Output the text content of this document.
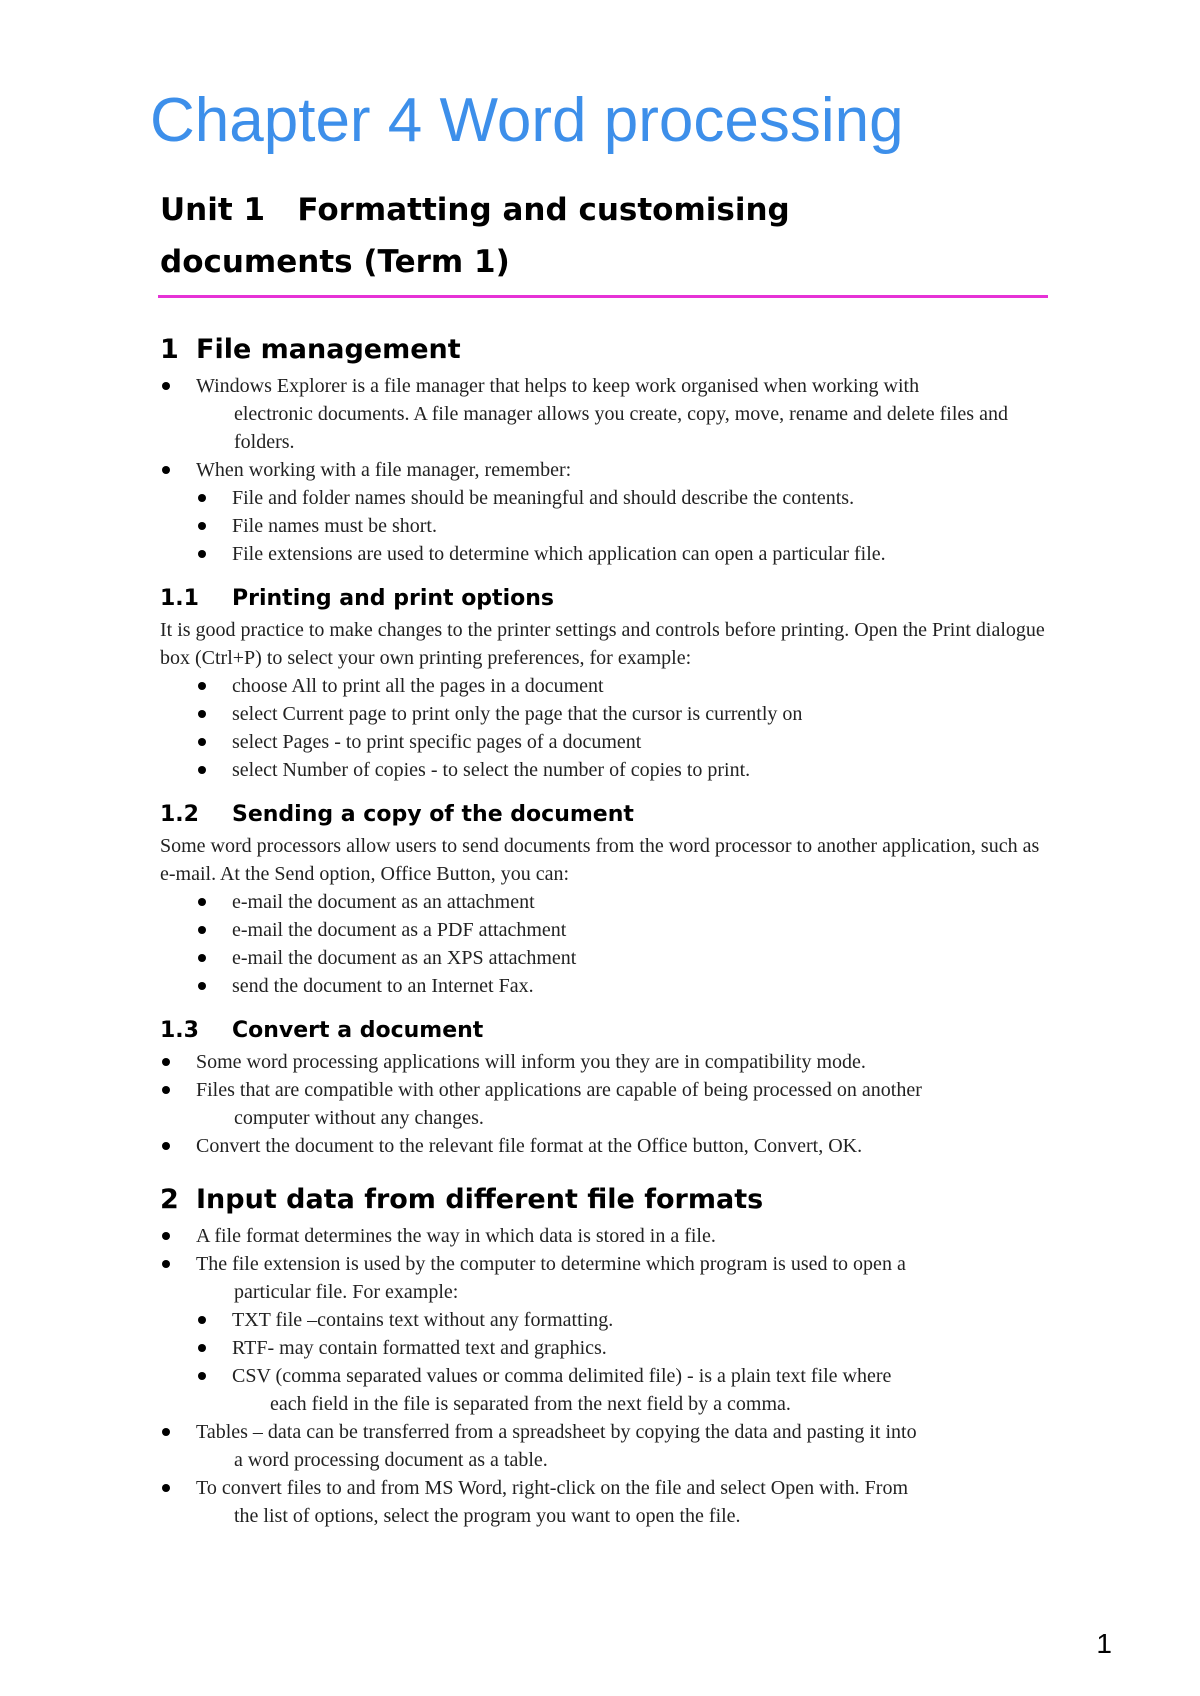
Chapter 4 Word processing
Unit 1   Formatting and customising
documents (Term 1)
1 File management
Windows Explorer is a file manager that helps to keep work organised when working with
electronic documents. A file manager allows you create, copy, move, rename and delete files and folders.
When working with a file manager, remember:
File and folder names should be meaningful and should describe the contents.
File names must be short.
File extensions are used to determine which application can open a particular file.
1.1 Printing and print options

It is good practice to make changes to the printer settings and controls before printing. Open the Print dialogue box (Ctrl+P) to select your own printing preferences, for example:

choose All to print all the pages in a document
select Current page to print only the page that the cursor is currently on
select Pages - to print specific pages of a document
select Number of copies - to select the number of copies to print.
1.2 Sending a copy of the document

Some word processors allow users to send documents from the word processor to another application, such as e-mail. At the Send option, Office Button, you can:

e-mail the document as an attachment
e-mail the document as a PDF attachment
e-mail the document as an XPS attachment
send the document to an Internet Fax.
1.3 Convert a document
Some word processing applications will inform you they are in compatibility mode.
Files that are compatible with other applications are capable of being processed on another
computer without any changes.
Convert the document to the relevant file format at the Office button, Convert, OK.
2 Input data from different file formats
A file format determines the way in which data is stored in a file.
The file extension is used by the computer to determine which program is used to open a
particular file. For example:
TXT file –contains text without any formatting.
RTF- may contain formatted text and graphics.
CSV (comma separated values or comma delimited file) - is a plain text file where
each field in the file is separated from the next field by a comma.
Tables – data can be transferred from a spreadsheet by copying the data and pasting it into
a word processing document as a table.
To convert files to and from MS Word, right-click on the file and select Open with. From
the list of options, select the program you want to open the file.
1
